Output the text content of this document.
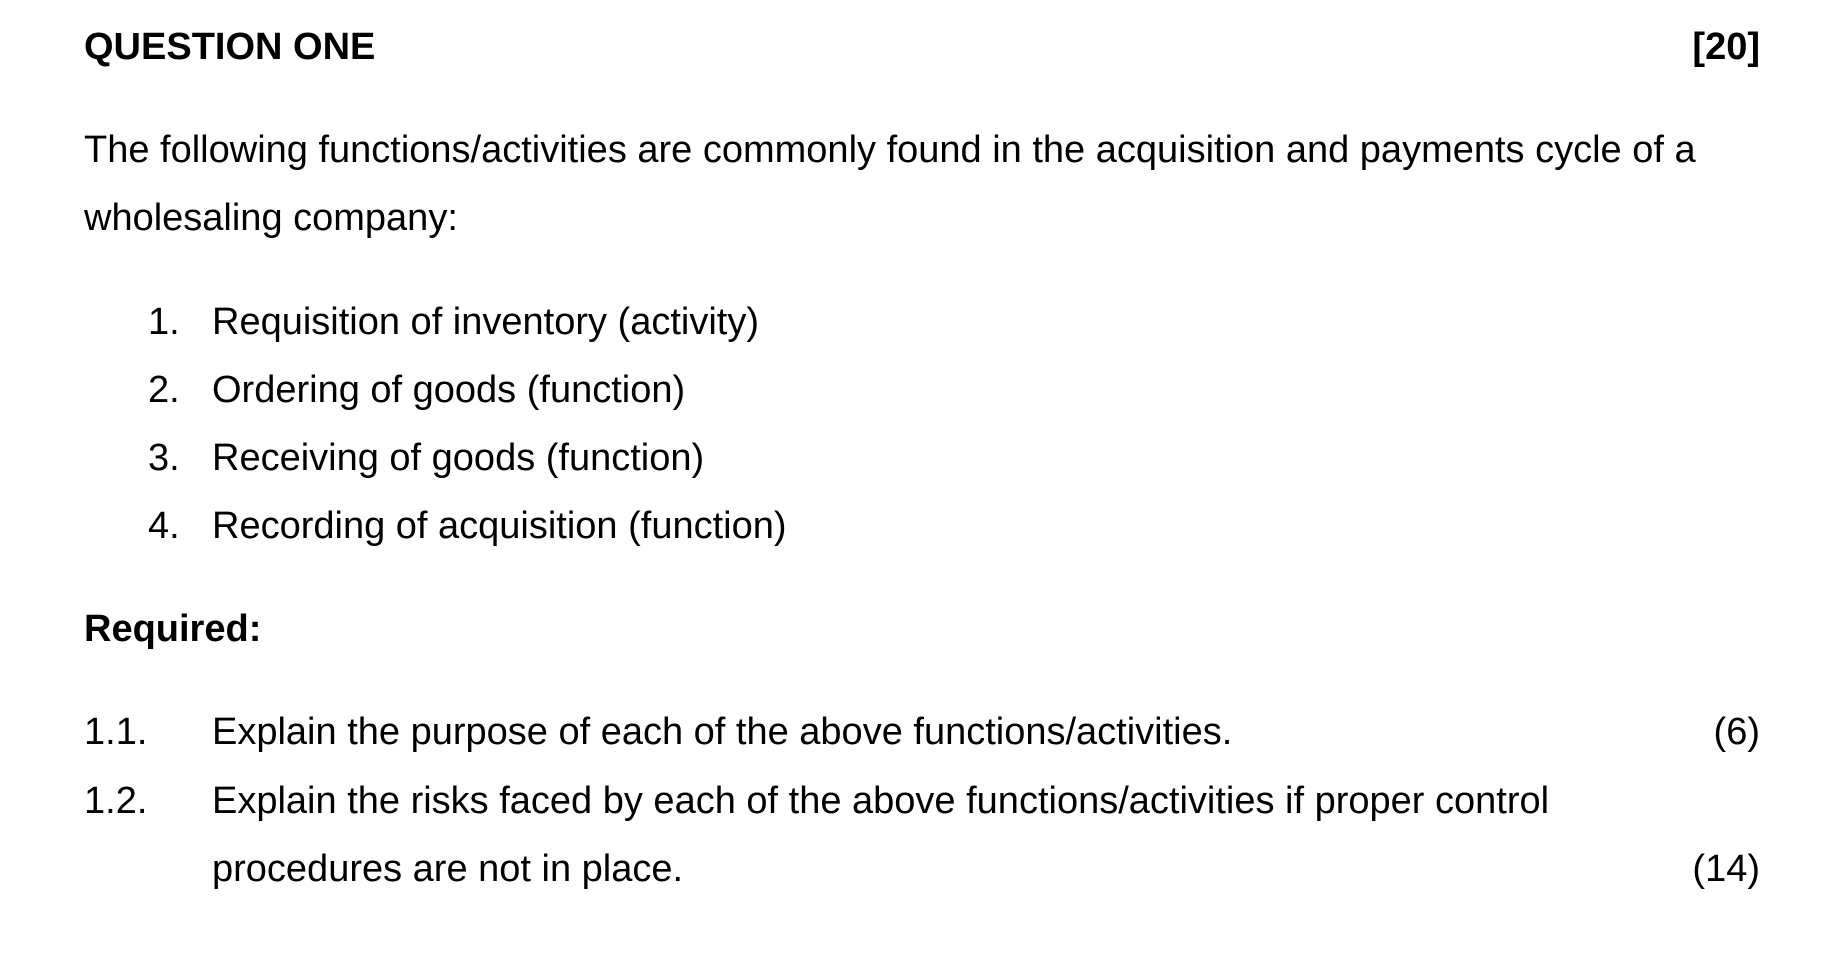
QUESTION ONE	[20]
The following functions/activities are commonly found in the acquisition and payments cycle of a
wholesaling company:
1. Requisition of inventory (activity)
2. Ordering of goods (function)
3. Receiving of goods (function)
4. Recording of acquisition (function)
Required:
1.1. Explain the purpose of each of the above functions/activities.	(6)
1.2. Explain the risks faced by each of the above functions/activities if proper control
procedures are not in place.	(14)
